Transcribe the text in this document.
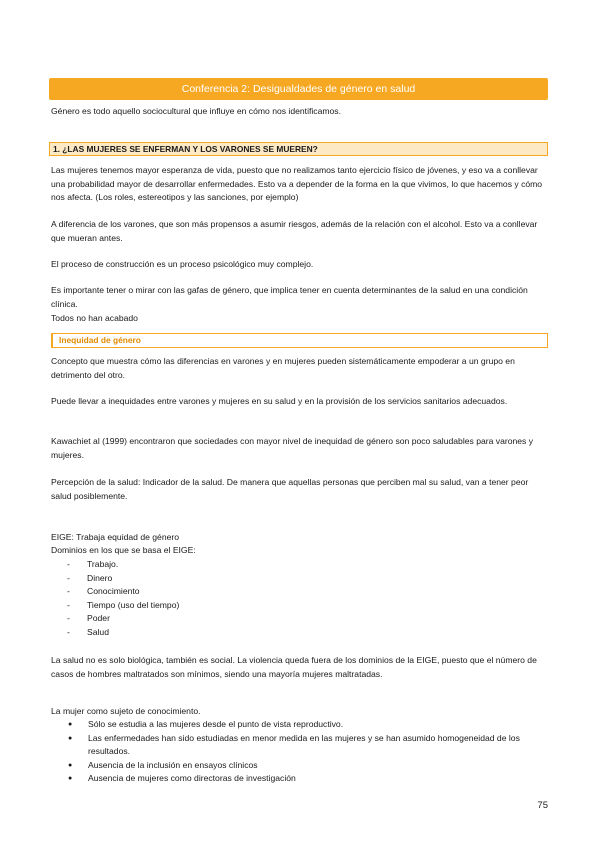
Conferencia 2: Desigualdades de género en salud

Género es todo aquello sociocultural que influye en cómo nos identificamos.

1. ¿LAS MUJERES SE ENFERMAN Y LOS VARONES SE MUEREN?

Las mujeres tenemos mayor esperanza de vida, puesto que no realizamos tanto ejercicio físico de jóvenes, y eso va a conllevar una probabilidad mayor de desarrollar enfermedades. Esto va a depender de la forma en la que vivimos, lo que hacemos y cómo nos afecta. (Los roles, estereotipos y las sanciones, por ejemplo)

A diferencia de los varones, que son más propensos a asumir riesgos, además de la relación con el alcohol. Esto va a conllevar que mueran antes.

El proceso de construcción es un proceso psicológico muy complejo.

Es importante tener o mirar con las gafas de género, que implica tener en cuenta determinantes de la salud en una condición clínica.

Todos no han acabado

Inequidad de género

Concepto que muestra cómo las diferencias en varones y en mujeres pueden sistemáticamente empoderar a un grupo en detrimento del otro.

Puede llevar a inequidades entre varones y mujeres en su salud y en la provisión de los servicios sanitarios adecuados.

Kawachiet al (1999) encontraron que sociedades con mayor nivel de inequidad de género son poco saludables para varones y mujeres.

Percepción de la salud: Indicador de la salud. De manera que aquellas personas que perciben mal su salud, van a tener peor salud posiblemente.

EIGE: Trabaja equidad de género

Dominios en los que se basa el EIGE:

-	Trabajo.
-	Dinero
-	Conocimiento
-	Tiempo (uso del tiempo)
-	Poder
-	Salud

La salud no es solo biológica, también es social. La violencia queda fuera de los dominios de la EIGE, puesto que el número de casos de hombres maltratados son mínimos, siendo una mayoría mujeres maltratadas.

La mujer como sujeto de conocimiento.

●	Sólo se estudia a las mujeres desde el punto de vista reproductivo.
●	Las enfermedades han sido estudiadas en menor medida en las mujeres y se han asumido homogeneidad de los resultados.
●	Ausencia de la inclusión en ensayos clínicos
●	Ausencia de mujeres como directoras de investigación
75
